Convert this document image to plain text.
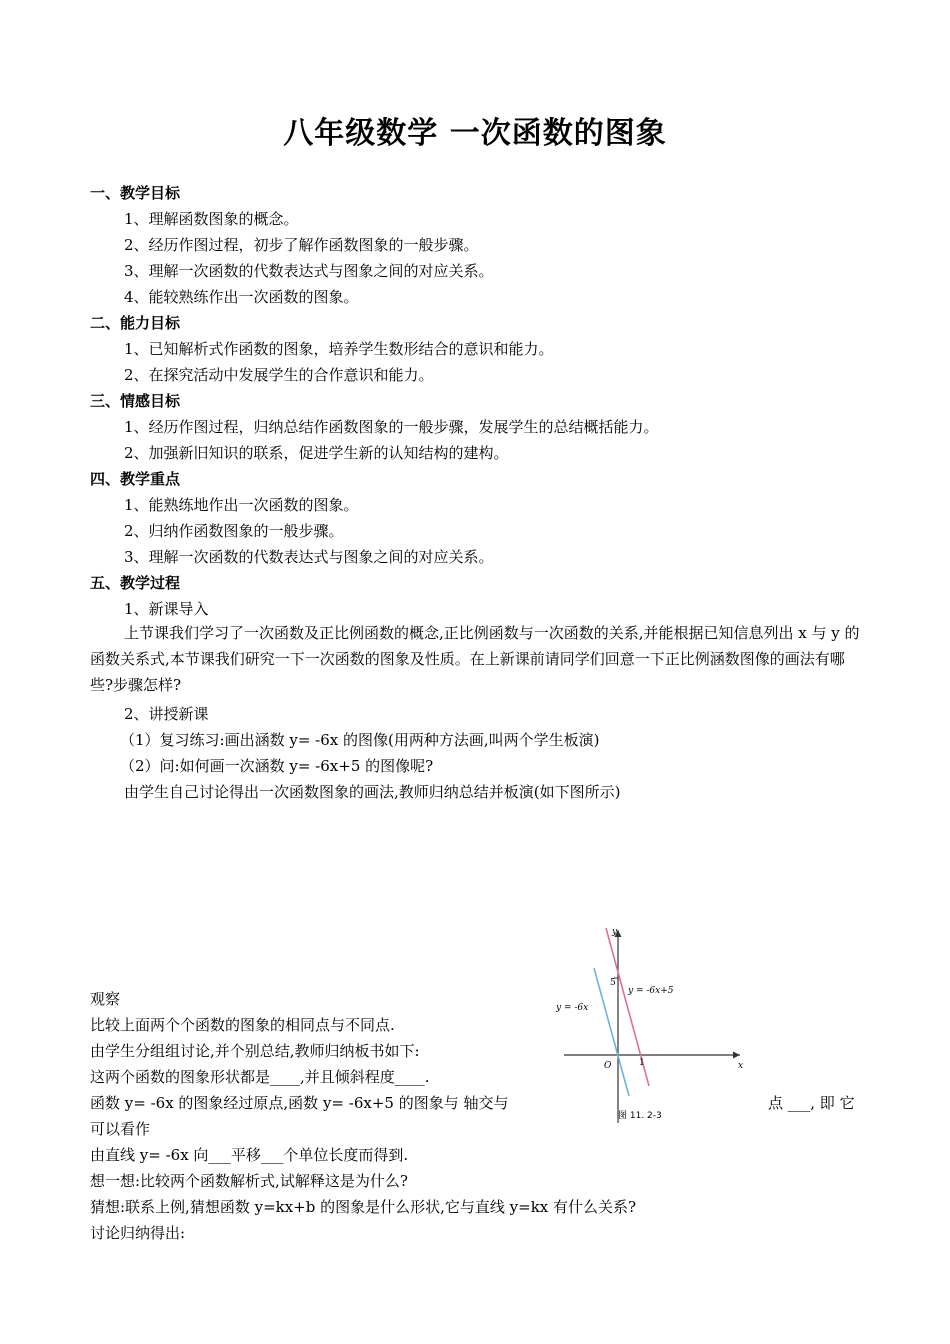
八年级数学 一次函数的图象
一、教学目标
1、理解函数图象的概念。
2、经历作图过程，初步了解作函数图象的一般步骤。
3、理解一次函数的代数表达式与图象之间的对应关系。
4、能较熟练作出一次函数的图象。
二、能力目标
1、已知解析式作函数的图象，培养学生数形结合的意识和能力。
2、在探究活动中发展学生的合作意识和能力。
三、情感目标
1、经历作图过程，归纳总结作函数图象的一般步骤，发展学生的总结概括能力。
2、加强新旧知识的联系，促进学生新的认知结构的建构。
四、教学重点
1、能熟练地作出一次函数的图象。
2、归纳作函数图象的一般步骤。
3、理解一次函数的代数表达式与图象之间的对应关系。
五、教学过程
1、新课导入
上节课我们学习了一次函数及正比例函数的概念,正比例函数与一次函数的关系,并能根据已知信息列出 x 与 y 的函数关系式,本节课我们研究一下一次函数的图象及性质。在上新课前请同学们回意一下正比例涵数图像的画法有哪些?步骤怎样?
2、讲授新课
（1）复习练习:画出涵数 y= -6x 的图像(用两种方法画,叫两个学生板演)
（2）问:如何画一次涵数 y= -6x+5 的图像呢?
由学生自己讨论得出一次函数图象的画法,教师归纳总结并板演(如下图所示)
y
x
O
5
1
y = -6x
y = -6x+5
图 11. 2-3
观察
比较上面两个个函数的图象的相同点与不同点.
由学生分组组讨论,并个别总结,教师归纳板书如下:
这两个函数的图象形状都是____,并且倾斜程度____.
函数 y= -6x 的图象经过原点,函数 y= -6x+5 的图象与 轴交与	点 ___, 即 它
可以看作
由直线 y= -6x 向___平移___个单位长度而得到.
想一想:比较两个函数解析式,试解释这是为什么?
猜想:联系上例,猜想函数 y=kx+b 的图象是什么形状,它与直线 y=kx 有什么关系?
讨论归纳得出:
